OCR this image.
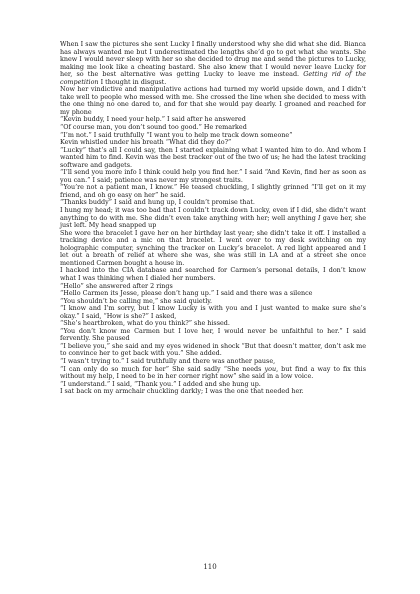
When I saw the pictures she sent Lucky I finally understood why she did what she did. Bianca has always wanted me but I underestimated the lengths she’d go to get what she wants. She knew I would never sleep with her so she decided to drug me and send the pictures to Lucky, making me look like a cheating bastard. She also knew that I would never leave Lucky for her, so the best alternative was getting Lucky to leave me instead. Getting rid of the competition I thought in disgust.

Now her vindictive and manipulative actions had turned my world upside down, and I didn’t take well to people who messed with me. She crossed the line when she decided to mess with the one thing no one dared to, and for that she would pay dearly. I groaned and reached for my phone

“Kevin buddy, I need your help.” I said after he answered

“Of course man, you don’t sound too good.” He remarked

“I’m not.” I said truthfully “I want you to help me track down someone”

Kevin whistled under his breath “What did they do?”

“Lucky” that’s all I could say, then I started explaining what I wanted him to do. And whom I wanted him to find. Kevin was the best tracker out of the two of us; he had the latest tracking software and gadgets.

“I’ll send you more info I think could help you find her.” I said “And Kevin, find her as soon as you can.” I said; patience was never my strongest traits.

“You’re not a patient man, I know.” He teased chuckling, I slightly grinned “I’ll get on it my friend, and oh go easy on her” he said.

“Thanks buddy” I said and hung up, I couldn’t promise that.

I hung my head; it was too bad that I couldn’t track down Lucky, even if I did, she didn’t want anything to do with me. She didn’t even take anything with her; well anything I gave her, she just left. My head snapped up

She wore the bracelet I gave her on her birthday last year; she didn’t take it off. I installed a tracking device and a mic on that bracelet. I went over to my desk switching on my holographic computer, synching the tracker on Lucky’s bracelet. A red light appeared and I let out a breath of relief at where she was, she was still in LA and at a street she once mentioned Carmen bought a house in.

I hacked into the CIA database and searched for Carmen’s personal details, I don’t know what I was thinking when I dialed her numbers.

“Hello” she answered after 2 rings

“Hello Carmen its Jesse, please don’t hang up.” I said and there was a silence

“You shouldn’t be calling me,” she said quietly.

“I know and I’m sorry, but I know Lucky is with you and I just wanted to make sure she’s okay.” I said, “How is she?” I asked,

“She’s heartbroken, what do you think?” she hissed.

“You don’t know me Carmen but I love her, I would never be unfaithful to her.” I said fervently. She paused

“I believe you,” she said and my eyes widened in shock “But that doesn’t matter, don’t ask me to convince her to get back with you.” She added.

“I wasn’t trying to.” I said truthfully and there was another pause,

“I can only do so much for her” She said sadly “She needs you, but find a way to fix this without my help, I need to be in her corner right now” she said in a low voice.

“I understand.” I said, “Thank you.” I added and she hung up.

I sat back on my armchair chuckling darkly; I was the one that needed her.

110
